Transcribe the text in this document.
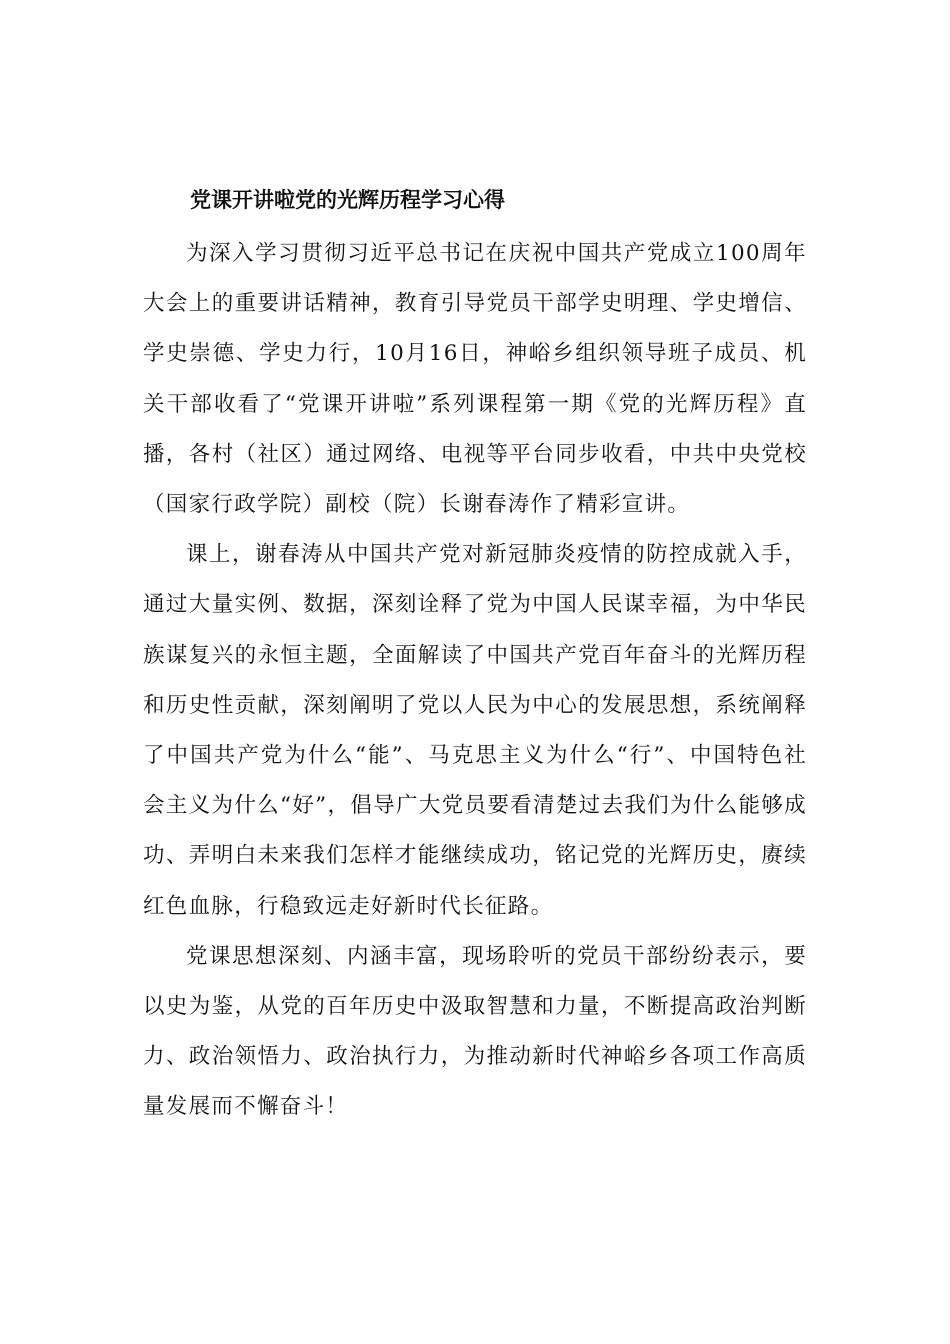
党课开讲啦党的光辉历程学习心得

为深入学习贯彻习近平总书记在庆祝中国共产党成立100周年大会上的重要讲话精神，教育引导党员干部学史明理、学史增信、学史崇德、学史力行，10月16日，神峪乡组织领导班子成员、机关干部收看了“党课开讲啦”系列课程第一期《党的光辉历程》直播，各村（社区）通过网络、电视等平台同步收看，中共中央党校（国家行政学院）副校（院）长谢春涛作了精彩宣讲。

课上，谢春涛从中国共产党对新冠肺炎疫情的防控成就入手，通过大量实例、数据，深刻诠释了党为中国人民谋幸福，为中华民族谋复兴的永恒主题，全面解读了中国共产党百年奋斗的光辉历程和历史性贡献，深刻阐明了党以人民为中心的发展思想，系统阐释了中国共产党为什么“能”、马克思主义为什么“行”、中国特色社会主义为什么“好”，倡导广大党员要看清楚过去我们为什么能够成功、弄明白未来我们怎样才能继续成功，铭记党的光辉历史，赓续红色血脉，行稳致远走好新时代长征路。

党课思想深刻、内涵丰富，现场聆听的党员干部纷纷表示，要以史为鉴，从党的百年历史中汲取智慧和力量，不断提高政治判断力、政治领悟力、政治执行力，为推动新时代神峪乡各项工作高质量发展而不懈奋斗！
